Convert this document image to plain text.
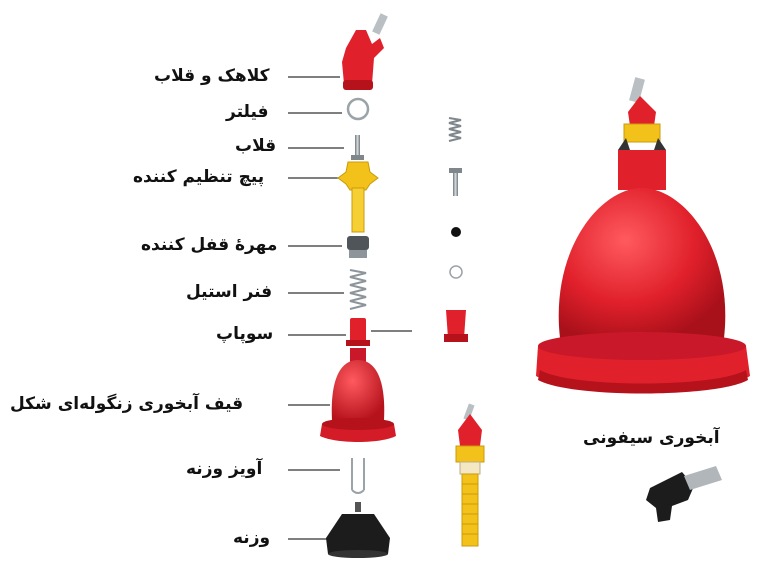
کلاهک و قلاب
فیلتر
قلاب
پیچ تنظیم کننده
مهرۀ قفل کننده
فنر استیل
سوپاپ
قیف آبخوری زنگوله‌ای شکل
آویز وزنه
وزنه
آبخوری سیفونی
